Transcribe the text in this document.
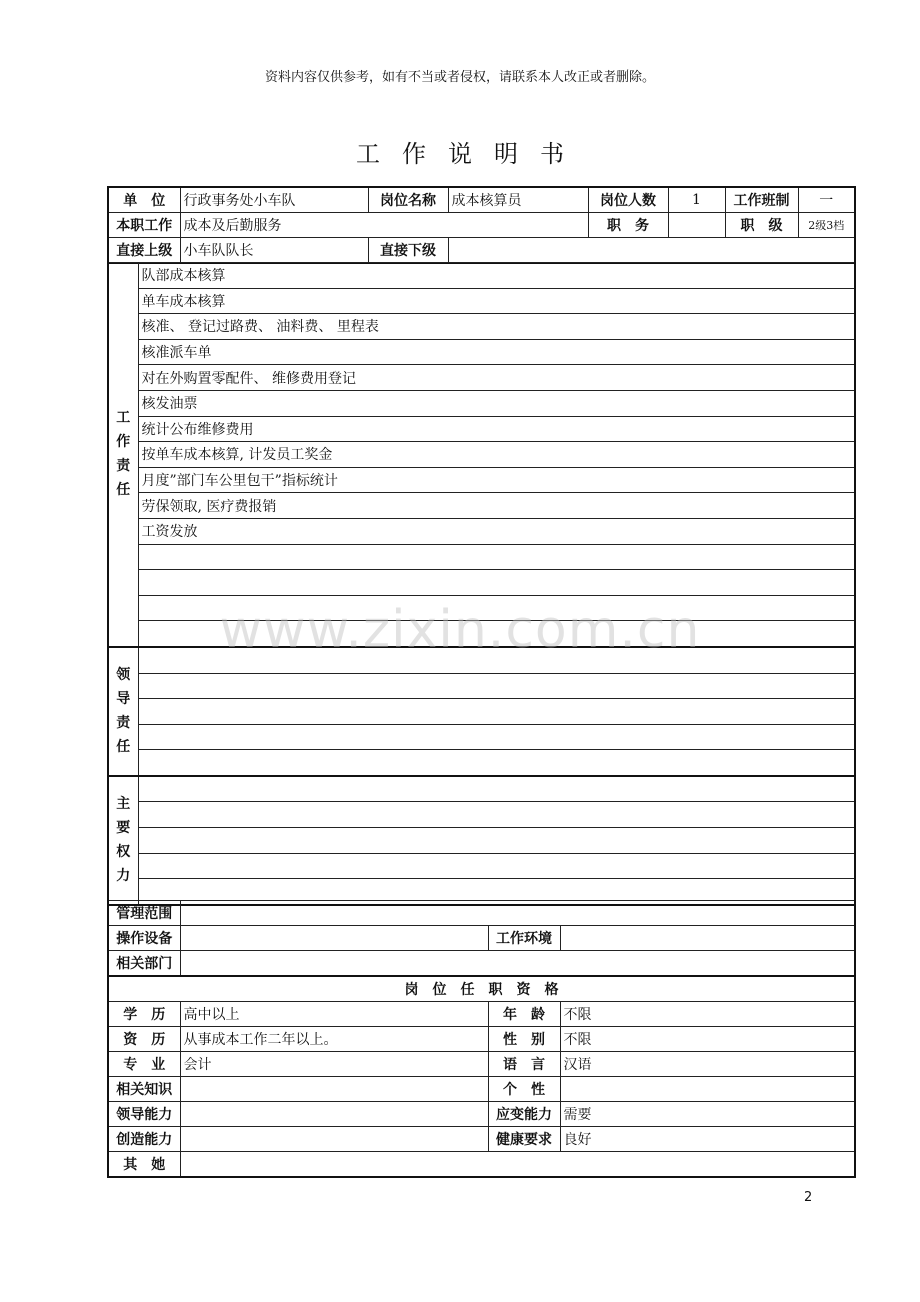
资料内容仅供参考，如有不当或者侵权，请联系本人改正或者删除。
工作说明书
单　位	行政事务处小车队	岗位名称	成本核算员	岗位人数	1	工作班制	一
本职工作	成本及后勤服务			职　务		职　级	2级3档
直接上级	小车队队长	直接下级					
工
作
责
任	队部成本核算
	单车成本核算
	核准、 登记过路费、 油料费、 里程表
	核准派车单
	对在外购置零配件、 维修费用登记
	核发油票
	统计公布维修费用
	按单车成本核算, 计发员工奖金
	月度”部门车公里包干”指标统计
	劳保领取, 医疗费报销
	工资发放

领
导
责
任	

主
要
权
力	

管理范围			
操作设备		工作环境	
相关部门			
岗　位　任　职　资　格			
学　历	高中以上	年　龄	不限
资　历	从事成本工作二年以上。	性　别	不限
专　业	会计	语　言	汉语
相关知识		个　性	
领导能力		应变能力	需要
创造能力		健康要求	良好
其　她			
www.zixin.com.cn
2
